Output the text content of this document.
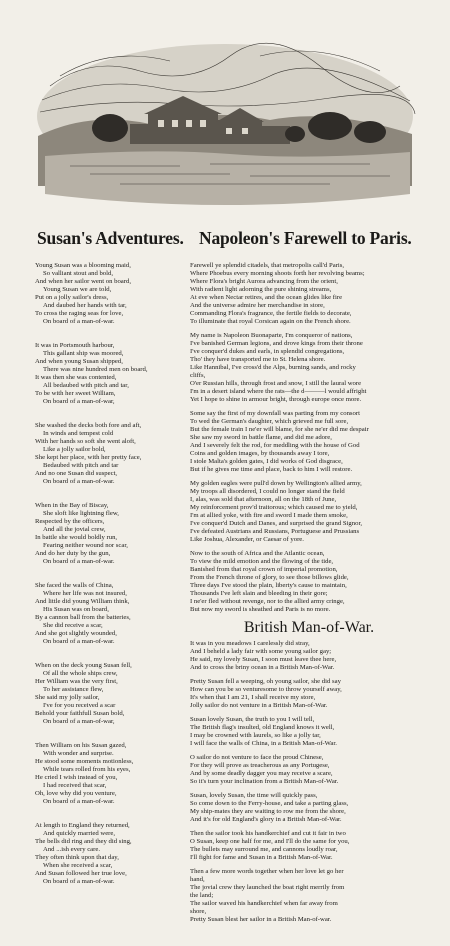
Susan's Adventures. Napoleon's Farewell to Paris.
Young Susan was a blooming maid,
So valliant stout and bold,
And when her sailor went on board,
Young Susan we are told,
Put on a jolly sailor's dress,
And daubed her hands with tar,
To cross the raging seas for love,
On board of a man-of-war.
It was in Portsmouth harbour,
This gallant ship was moored,
And when young Susan shipped,
There was nine hundred men on board,
It was then she was contented,
All bedaubed with pitch and tar,
To be with her sweet William,
On board of a man-of-war,
She washed the decks both fore and aft,
In winds and tempest cold
With her hands so soft she went aloft,
Like a jolly sailor bold,
She kept her place, with her pretty face,
Bedaubed with pitch and tar
And no one Susan did suspect,
On board of a man-of-war.
When in the Bay of Biscay,
She sloft like lightning flew,
Respected by the officers,
And all the jovial crew,
In battle she would boldly run,
Fearing neither wound nor scar,
And do her duty by the gun,
On board of a man-of-war.
She faced the walls of China,
Where her life was not insured,
And little did young William think,
His Susan was on board,
By a cannon ball from the batteries,
She did receive a scar,
And she got slightly wounded,
On board of a man-of-war.
When on the deck young Susan fell,
Of all the whole ships crew,
Her William was the very first,
To her assistance flew,
She said my jolly sailor,
I've for you received a scar
Behold your faithfull Susan bold,
On board of a man-of-war,
Then William on his Susan gazed,
With wonder and surprise.
He stood some moments motionless,
While tears rolled from his eyes,
He cried I wish instead of you,
I had received that scar,
Oh, love why did you venture,
On board of a man-of-war.
At length to England they returned,
And quickly married were,
The bells did ring and they did sing,
And ...ish every care.
They often think upon that day,
When she received a scar,
And Susan followed her true love,
On board of a man-of-war.
Farewell ye splendid citadels, that metropolis call'd Paris,
Where Phoebus every morning shoots forth her revolving beams;
Where Flora's bright Aurora advancing from the orient,
With radient light adorning the pure shining streams,
At eve when Nectar retires, and the ocean glides like fire
And the universe admire her merchandise in store,
Commanding Flora's fragrance, the fertile fields to decorate,
To illuminate that royal Corsican again on the French shore.
My name is Napoleon Buonaparte, I'm conqueror of nations,
I've banished German legions, and drove kings from their throne
I've conquer'd dukes and earls, in splendid congregations,
Tho' they have transported me to St. Helena shore.
Like Hannibal, I've cross'd the Alps, burning sands, and rocky
cliffs,
O'er Russian hills, through frost and snow, I still the laural wore
I'm in a desert island where the rats—the d———l would affright
Yet I hope to shine in armour bright, through europe once more.
Some say the first of my downfall was parting from my consort
To wed the German's daughter, which grieved me full sore,
But the female train I ne'er will blame, for she ne'er did me despair
She saw my sword in battle flame, and did me adore,
And I severely felt the rod, for meddling with the house of God
Coins and golden images, by thousands away I tore,
I stole Malta's golden gates, I did works of God disgrace,
But if he gives me time and place, back to him I will restore.
My golden eagles were pull'd down by Wellington's allied army,
My troops all disordered, I could no longer stand the field
I, alas, was sold that afternoon, all on the 18th of June,
My reinforcement prov'd traitorous; which caused me to yield,
I'm at allied yoke, with fire and sword I made them smoke,
I've conquer'd Dutch and Danes, and surprised the grand Signor,
I've defeated Austrians and Russians, Portuguese and Prussians
Like Joshua, Alexander, or Caesar of yore.
Now to the south of Africa and the Atlantic ocean,
To view the mild emotion and the flowing of the tide,
Banished from that royal crown of imperial promotion,
From the French throne of glory, to see those billows glide,
Three days I've stood the plain, liberty's cause to maintain,
Thousands I've left slain and bleeding in their gore;
I ne'er fled without revenge, nor to the allied army cringe,
But now my sword is sheathed and Paris is no more.
British Man-of-War.
It was in you meadows I carelessly did stray,
And I beheld a lady fair with some young sailor gay;
He said, my lovely Susan, I soon must leave thee here,
And to cross the briny ocean in a British Man-of-War.
Pretty Susan fell a weeping, oh young sailor, she did say
How can you be so venturesome to throw yourself away,
It's when that I am 21, I shall receive my store,
Jolly sailor do not venture in a British Man-of-War.
Susan lovely Susan, the truth to you I will tell,
The British flag's insulted, old England knows it well,
I may be crowned with laurels, so like a jolly tar,
I will face the walls of China, in a British Man-of-War.
O sailor do not venture to face the proud Chinese,
For they will prove as treacherous as any Portugese,
And by some deadly dagger you may receive a scare,
So it's turn your inclination from a British Man-of-War.
Susan, lovely Susan, the time will quickly pass,
So come down to the Ferry-house, and take a parting glass,
My ship-mates they are waiting to row me from the shore,
And it's for old England's glory in a British Man-of-War.
Then the sailor took his handkerchief and cut it fair in two
O Susan, keep one half for me, and I'll do the same for you,
The bullets may surround me, and cannons loudly roar,
I'll fight for fame and Susan in a British Man-of-War.
Then a few more words together when her love let go her
hand,
The jovial crew they launched the boat right merrily from
the land;
The sailor waved his handkerchief when far away from
shore,
Pretty Susan blest her sailor in a British Man-of-war.
